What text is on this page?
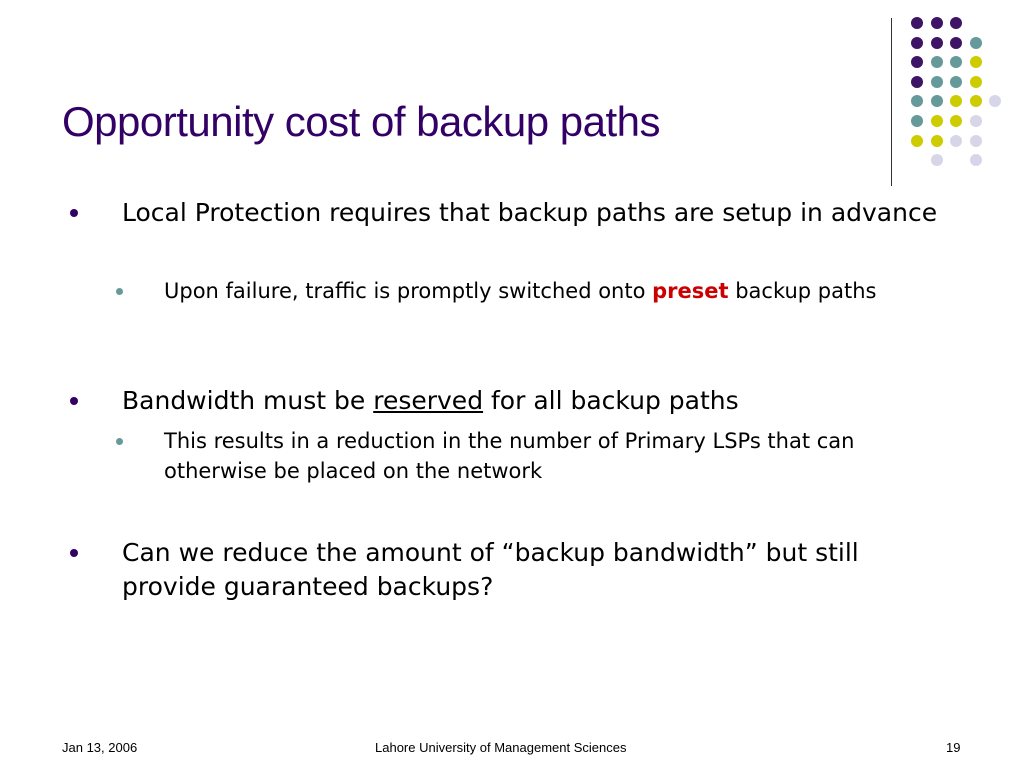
Opportunity cost of backup paths
Local Protection requires that backup paths are setup in advance
Upon failure, traffic is promptly switched onto preset backup paths
Bandwidth must be reserved for all backup paths
This results in a reduction in the number of Primary LSPs that can otherwise be placed on the network
Can we reduce the amount of “backup bandwidth” but still provide guaranteed backups?
Jan 13, 2006	Lahore University of Management Sciences	19
